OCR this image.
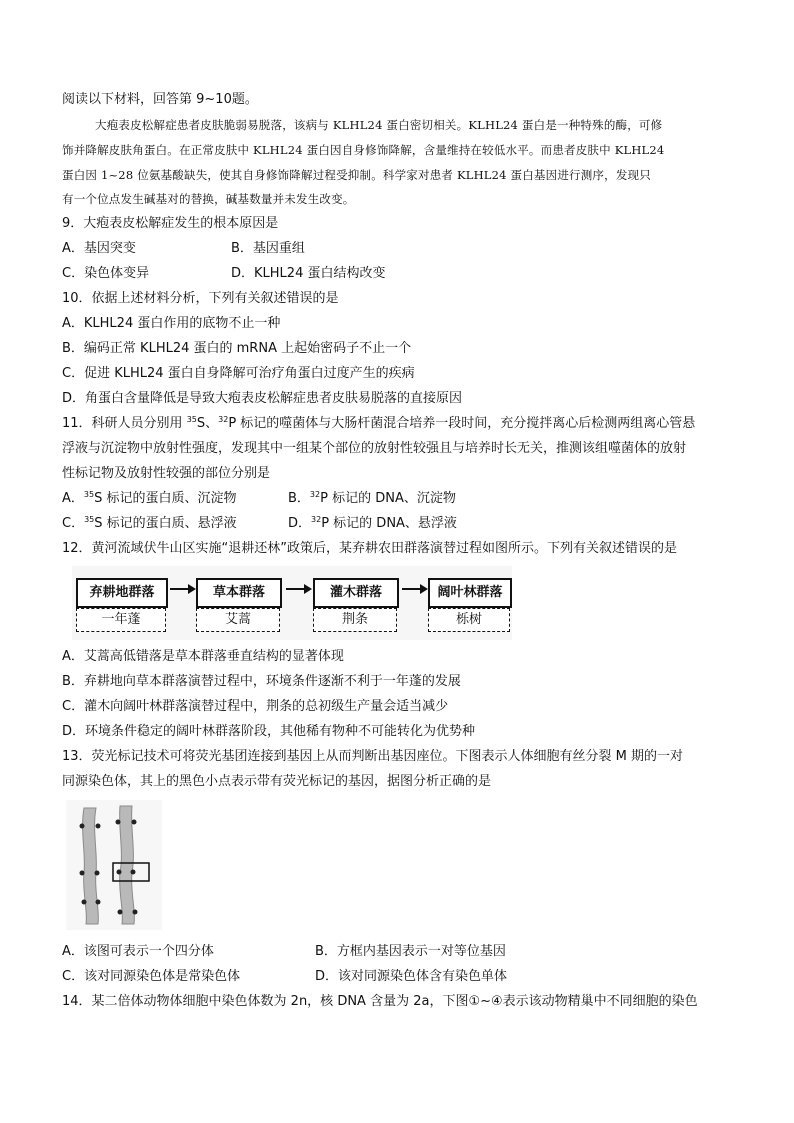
阅读以下材料，回答第 9~10题。
大疱表皮松解症患者皮肤脆弱易脱落，该病与 KLHL24 蛋白密切相关。KLHL24 蛋白是一种特殊的酶，可修
饰并降解皮肤角蛋白。在正常皮肤中 KLHL24 蛋白因自身修饰降解，含量维持在较低水平。而患者皮肤中 KLHL24
蛋白因 1~28 位氨基酸缺失，使其自身修饰降解过程受抑制。科学家对患者 KLHL24 蛋白基因进行测序，发现只
有一个位点发生碱基对的替换，碱基数量并未发生改变。
9．大疱表皮松解症发生的根本原因是
A．基因突变	B．基因重组
C．染色体变异	D．KLHL24 蛋白结构改变
10．依据上述材料分析，下列有关叙述错误的是
A．KLHL24 蛋白作用的底物不止一种
B．编码正常 KLHL24 蛋白的 mRNA 上起始密码子不止一个
C．促进 KLHL24 蛋白自身降解可治疗角蛋白过度产生的疾病
D．角蛋白含量降低是导致大疱表皮松解症患者皮肤易脱落的直接原因
11．科研人员分别用 $^{35}$S、$^{32}$P 标记的噬菌体与大肠杆菌混合培养一段时间，充分搅拌离心后检测两组离心管悬
浮液与沉淀物中放射性强度，发现其中一组某个部位的放射性较强且与培养时长无关，推测该组噬菌体的放射
性标记物及放射性较强的部位分别是
A．$^{35}$S 标记的蛋白质、沉淀物	B．$^{32}$P 标记的 DNA、沉淀物
C．$^{35}$S 标记的蛋白质、悬浮液	D．$^{32}$P 标记的 DNA、悬浮液
12．黄河流域伏牛山区实施“退耕还林”政策后，某弃耕农田群落演替过程如图所示。下列有关叙述错误的是
弃耕地群落
一年蓬
草本群落
艾蒿
灌木群落
荆条
阔叶林群落
栎树
A．艾蒿高低错落是草本群落垂直结构的显著体现
B．弃耕地向草本群落演替过程中，环境条件逐渐不利于一年蓬的发展
C．灌木向阔叶林群落演替过程中，荆条的总初级生产量会适当减少
D．环境条件稳定的阔叶林群落阶段，其他稀有物种不可能转化为优势种
13．荧光标记技术可将荧光基团连接到基因上从而判断出基因座位。下图表示人体细胞有丝分裂 M 期的一对
同源染色体，其上的黑色小点表示带有荧光标记的基因，据图分析正确的是
A．该图可表示一个四分体	B．方框内基因表示一对等位基因
C．该对同源染色体是常染色体	D．该对同源染色体含有染色单体
14．某二倍体动物体细胞中染色体数为 2n，核 DNA 含量为 2a，下图①~④表示该动物精巢中不同细胞的染色
